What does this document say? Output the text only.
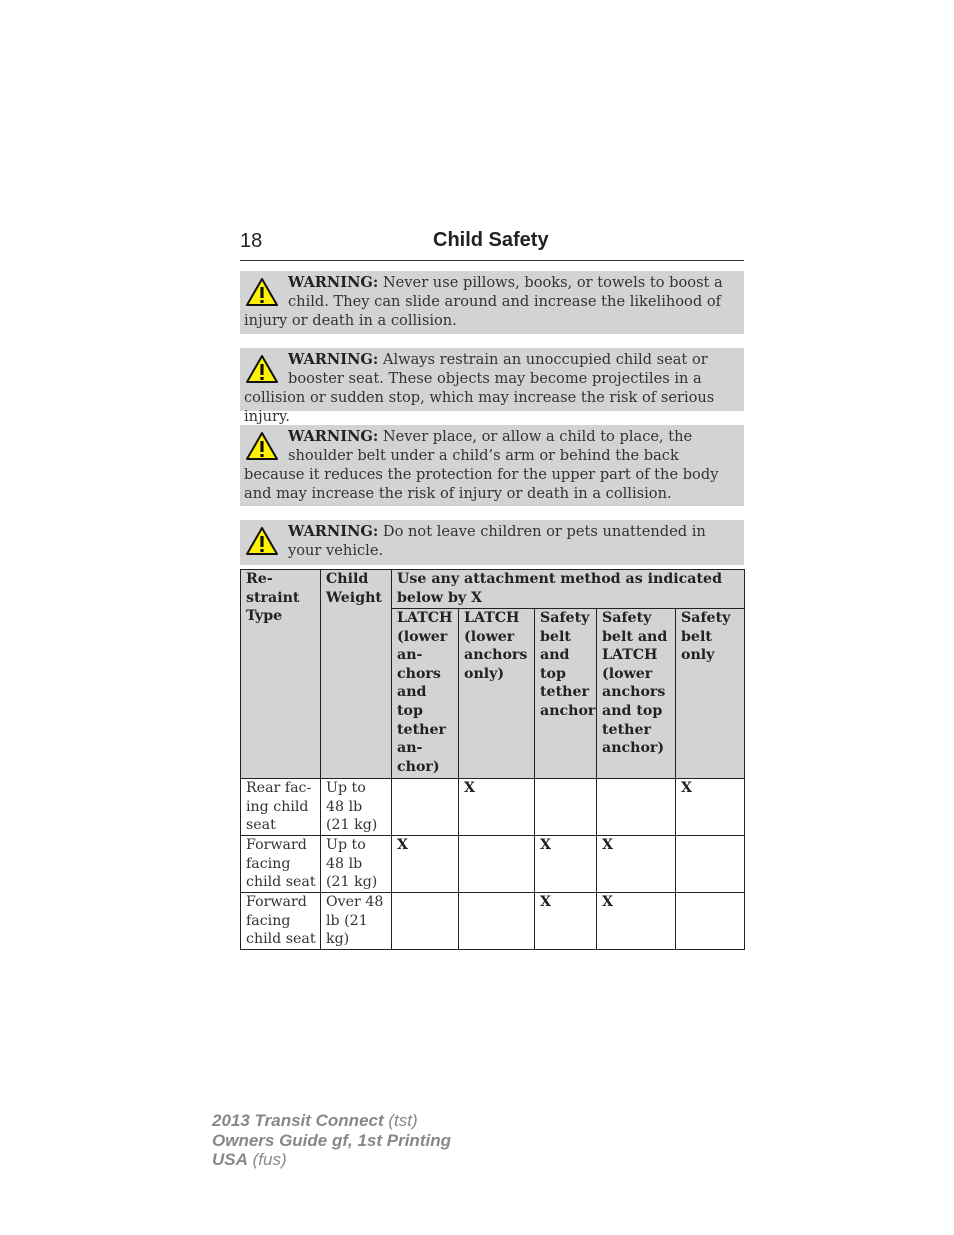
18	Child Safety
WARNING: Never use pillows, books, or towels to boost a child. They can slide around and increase the likelihood of injury or death in a collision.
WARNING: Always restrain an unoccupied child seat or booster seat. These objects may become projectiles in a collision or sudden stop, which may increase the risk of serious injury.
WARNING: Never place, or allow a child to place, the shoulder belt under a child’s arm or behind the back because it reduces the protection for the upper part of the body and may increase the risk of injury or death in a collision.
WARNING: Do not leave children or pets unattended in your vehicle.
Re- straint Type	Child Weight	Use any attachment method as indicated below by X				
		LATCH (lower an- chors and top tether an- chor)	LATCH (lower anchors only)	Safety belt and top tether anchor	Safety belt and LATCH (lower anchors and top tether anchor)	Safety belt only
Rear fac- ing child seat	Up to 48 lb (21 kg)		X			X
Forward facing child seat	Up to 48 lb (21 kg)	X		X	X	
Forward facing child seat	Over 48 lb (21 kg)			X	X	
2013 Transit Connect (tst)
Owners Guide gf, 1st Printing
USA (fus)
